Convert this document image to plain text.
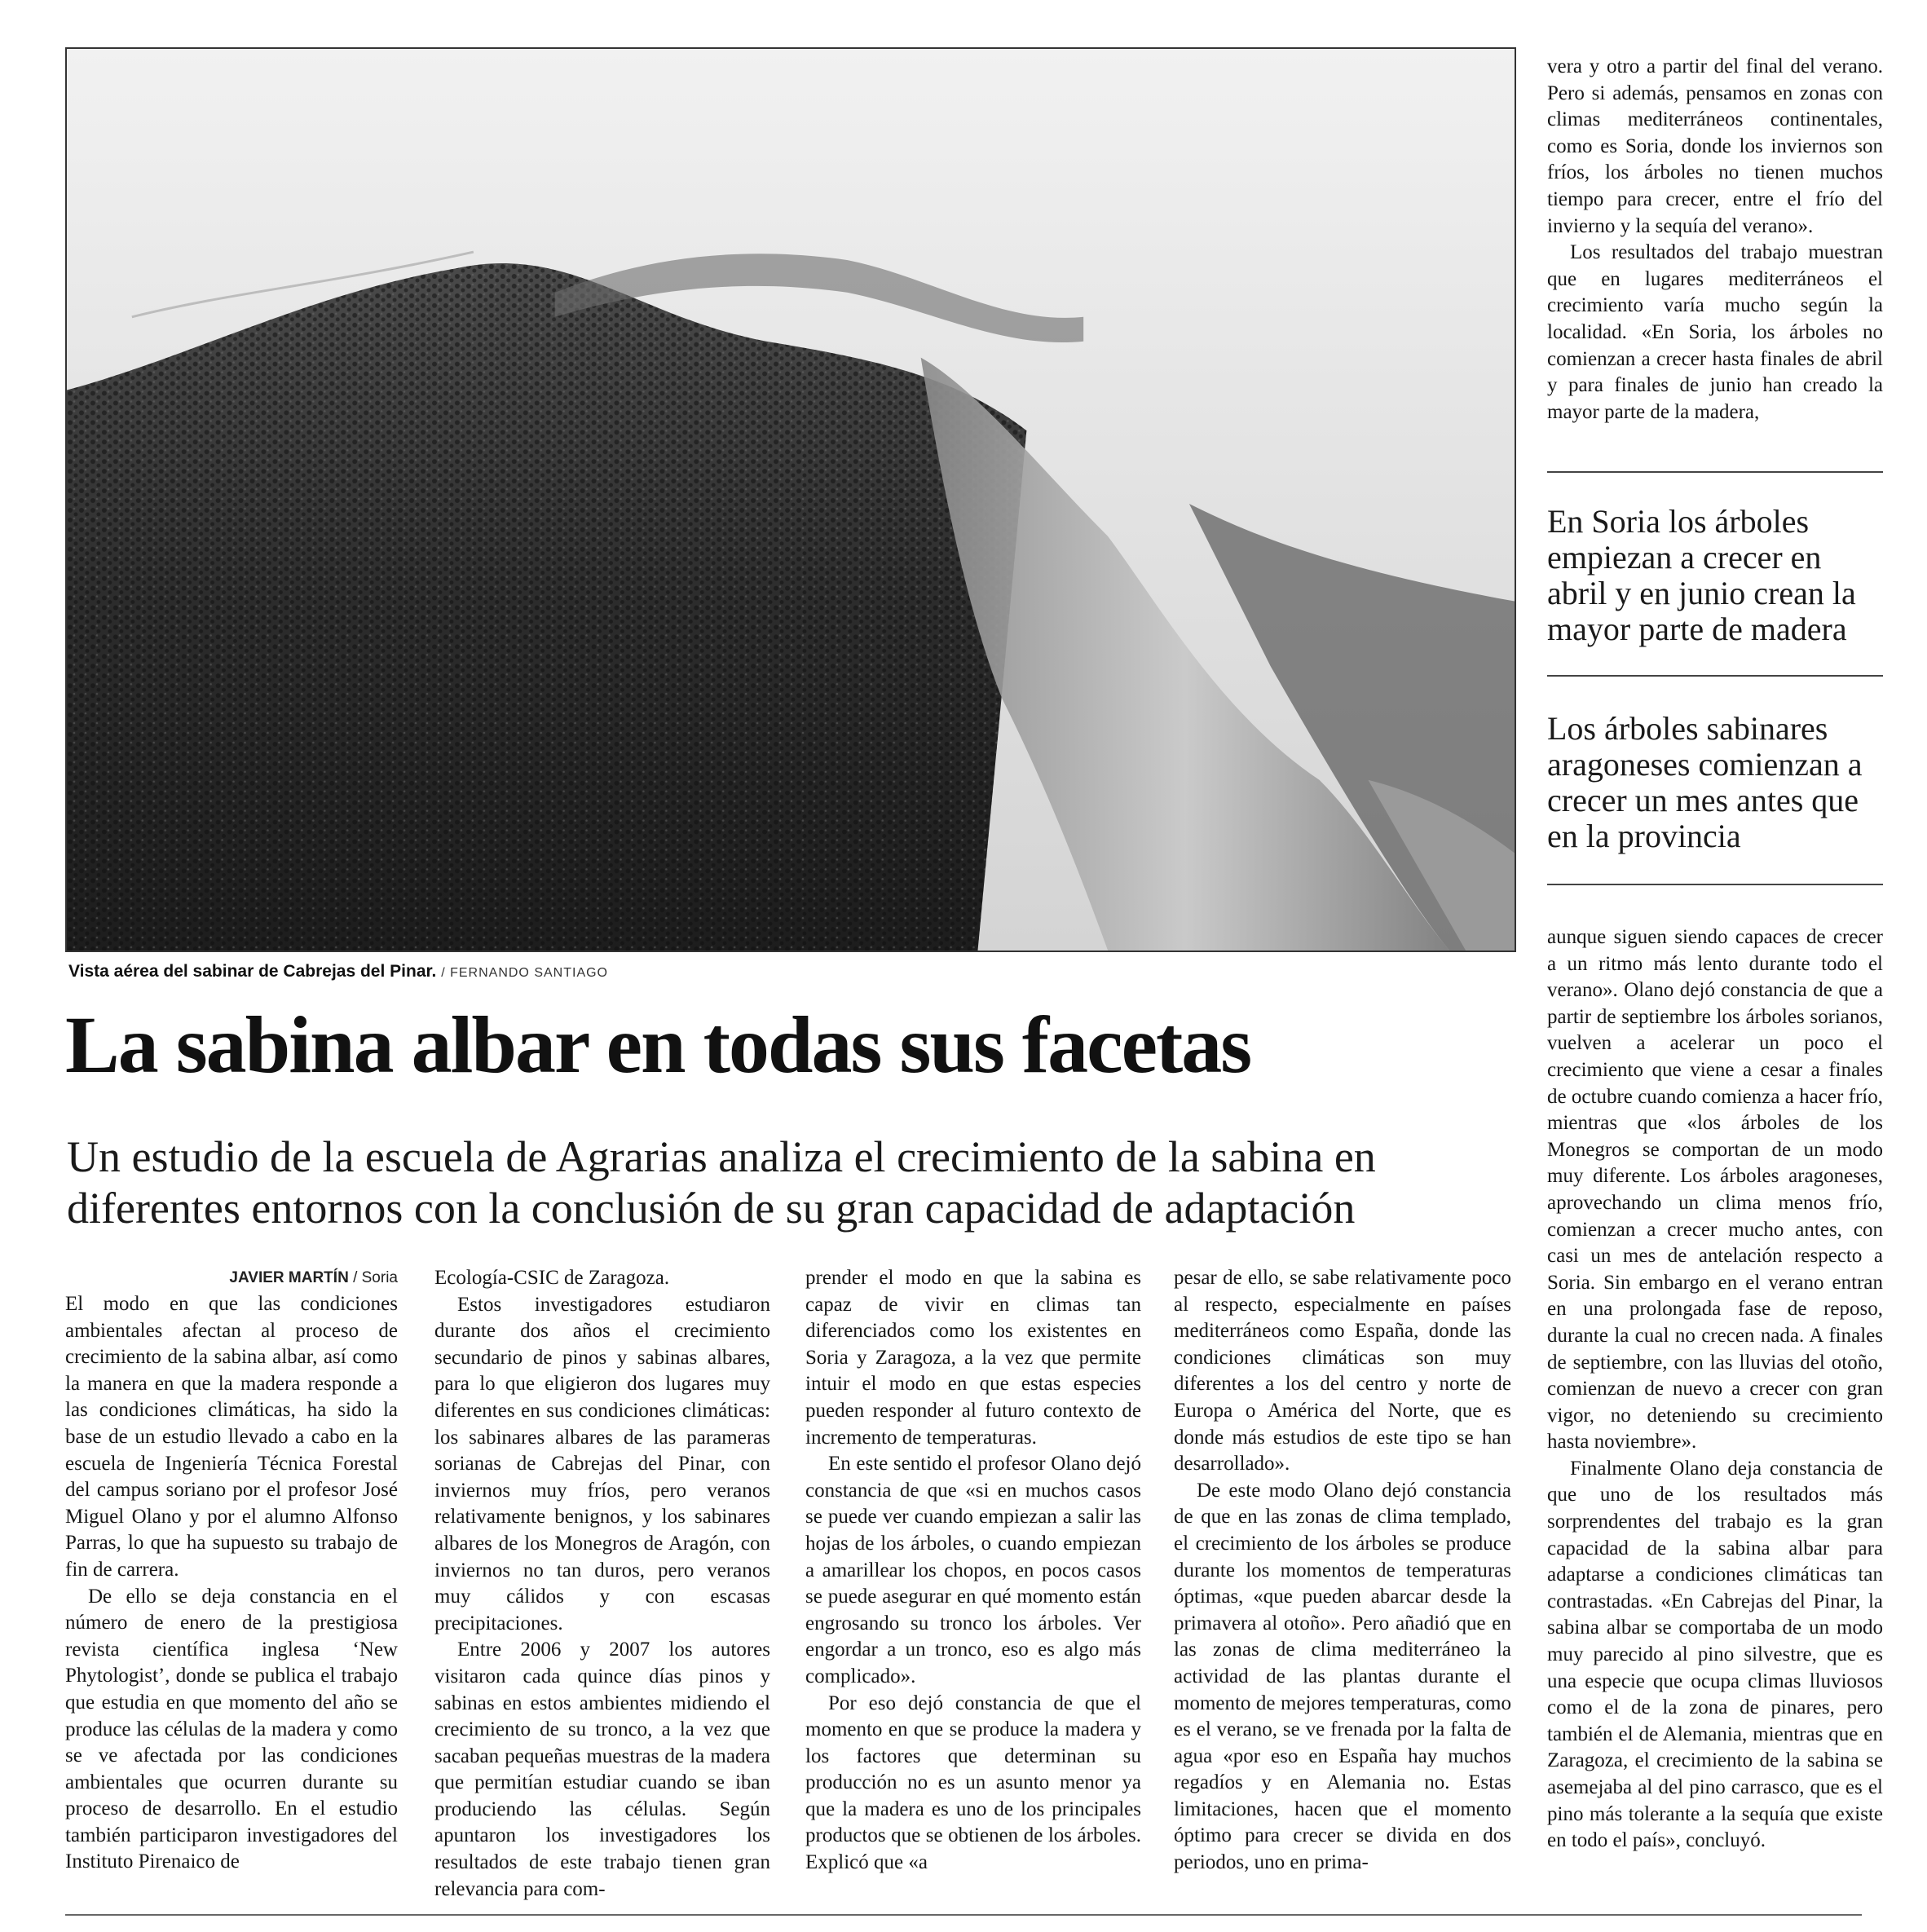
Vista aérea del sabinar de Cabrejas del Pinar. / FERNANDO SANTIAGO
La sabina albar en todas sus facetas
Un estudio de la escuela de Agrarias analiza el crecimiento de la sabina en diferentes entornos con la conclusión de su gran capacidad de adaptación
JAVIER MARTÍN / Soria

El modo en que las condiciones ambientales afectan al proceso de crecimiento de la sabina albar, así como la manera en que la madera responde a las condiciones climáticas, ha sido la base de un estudio llevado a cabo en la escuela de Ingeniería Técnica Forestal del campus soriano por el profesor José Miguel Olano y por el alumno Alfonso Parras, lo que ha supuesto su trabajo de fin de carrera.

De ello se deja constancia en el número de enero de la prestigiosa revista científica inglesa ‘New Phytologist’, donde se publica el trabajo que estudia en que momento del año se produce las células de la madera y como se ve afectada por las condiciones ambientales que ocurren durante su proceso de desarrollo. En el estudio también participaron investigadores del Instituto Pirenaico de

Ecología-CSIC de Zaragoza.

Estos investigadores estudiaron durante dos años el crecimiento secundario de pinos y sabinas albares, para lo que eligieron dos lugares muy diferentes en sus condiciones climáticas: los sabinares albares de las parameras sorianas de Cabrejas del Pinar, con inviernos muy fríos, pero veranos relativamente benignos, y los sabinares albares de los Monegros de Aragón, con inviernos no tan duros, pero veranos muy cálidos y con escasas precipitaciones.

Entre 2006 y 2007 los autores visitaron cada quince días pinos y sabinas en estos ambientes midiendo el crecimiento de su tronco, a la vez que sacaban pequeñas muestras de la madera que permitían estudiar cuando se iban produciendo las células. Según apuntaron los investigadores los resultados de este trabajo tienen gran relevancia para com-

prender el modo en que la sabina es capaz de vivir en climas tan diferenciados como los existentes en Soria y Zaragoza, a la vez que permite intuir el modo en que estas especies pueden responder al futuro contexto de incremento de temperaturas.

En este sentido el profesor Olano dejó constancia de que «si en muchos casos se puede ver cuando empiezan a salir las hojas de los árboles, o cuando empiezan a amarillear los chopos, en pocos casos se puede asegurar en qué momento están engrosando su tronco los árboles. Ver engordar a un tronco, eso es algo más complicado».

Por eso dejó constancia de que el momento en que se produce la madera y los factores que determinan su producción no es un asunto menor ya que la madera es uno de los principales productos que se obtienen de los árboles. Explicó que «a

pesar de ello, se sabe relativamente poco al respecto, especialmente en países mediterráneos como España, donde las condiciones climáticas son muy diferentes a los del centro y norte de Europa o América del Norte, que es donde más estudios de este tipo se han desarrollado».

De este modo Olano dejó constancia de que en las zonas de clima templado, el crecimiento de los árboles se produce durante los momentos de temperaturas óptimas, «que pueden abarcar desde la primavera al otoño». Pero añadió que en las zonas de clima mediterráneo la actividad de las plantas durante el momento de mejores temperaturas, como es el verano, se ve frenada por la falta de agua «por eso en España hay muchos regadíos y en Alemania no. Estas limitaciones, hacen que el momento óptimo para crecer se divida en dos periodos, uno en prima-

vera y otro a partir del final del verano. Pero si además, pensamos en zonas con climas mediterráneos continentales, como es Soria, donde los inviernos son fríos, los árboles no tienen muchos tiempo para crecer, entre el frío del invierno y la sequía del verano».

Los resultados del trabajo muestran que en lugares mediterráneos el crecimiento varía mucho según la localidad. «En Soria, los árboles no comienzan a crecer hasta finales de abril y para finales de junio han creado la mayor parte de la madera,

En Soria los árboles empiezan a crecer en abril y en junio crean la mayor parte de madera
Los árboles sabinares aragoneses comienzan a crecer un mes antes que en la provincia

aunque siguen siendo capaces de crecer a un ritmo más lento durante todo el verano». Olano dejó constancia de que a partir de septiembre los árboles sorianos, vuelven a acelerar un poco el crecimiento que viene a cesar a finales de octubre cuando comienza a hacer frío, mientras que «los árboles de los Monegros se comportan de un modo muy diferente. Los árboles aragoneses, aprovechando un clima menos frío, comienzan a crecer mucho antes, con casi un mes de antelación respecto a Soria. Sin embargo en el verano entran en una prolongada fase de reposo, durante la cual no crecen nada. A finales de septiembre, con las lluvias del otoño, comienzan de nuevo a crecer con gran vigor, no deteniendo su crecimiento hasta noviembre».

Finalmente Olano deja constancia de que uno de los resultados más sorprendentes del trabajo es la gran capacidad de la sabina albar para adaptarse a condiciones climáticas tan contrastadas. «En Cabrejas del Pinar, la sabina albar se comportaba de un modo muy parecido al pino silvestre, que es una especie que ocupa climas lluviosos como el de la zona de pinares, pero también el de Alemania, mientras que en Zaragoza, el crecimiento de la sabina se asemejaba al del pino carrasco, que es el pino más tolerante a la sequía que existe en todo el país», concluyó.
